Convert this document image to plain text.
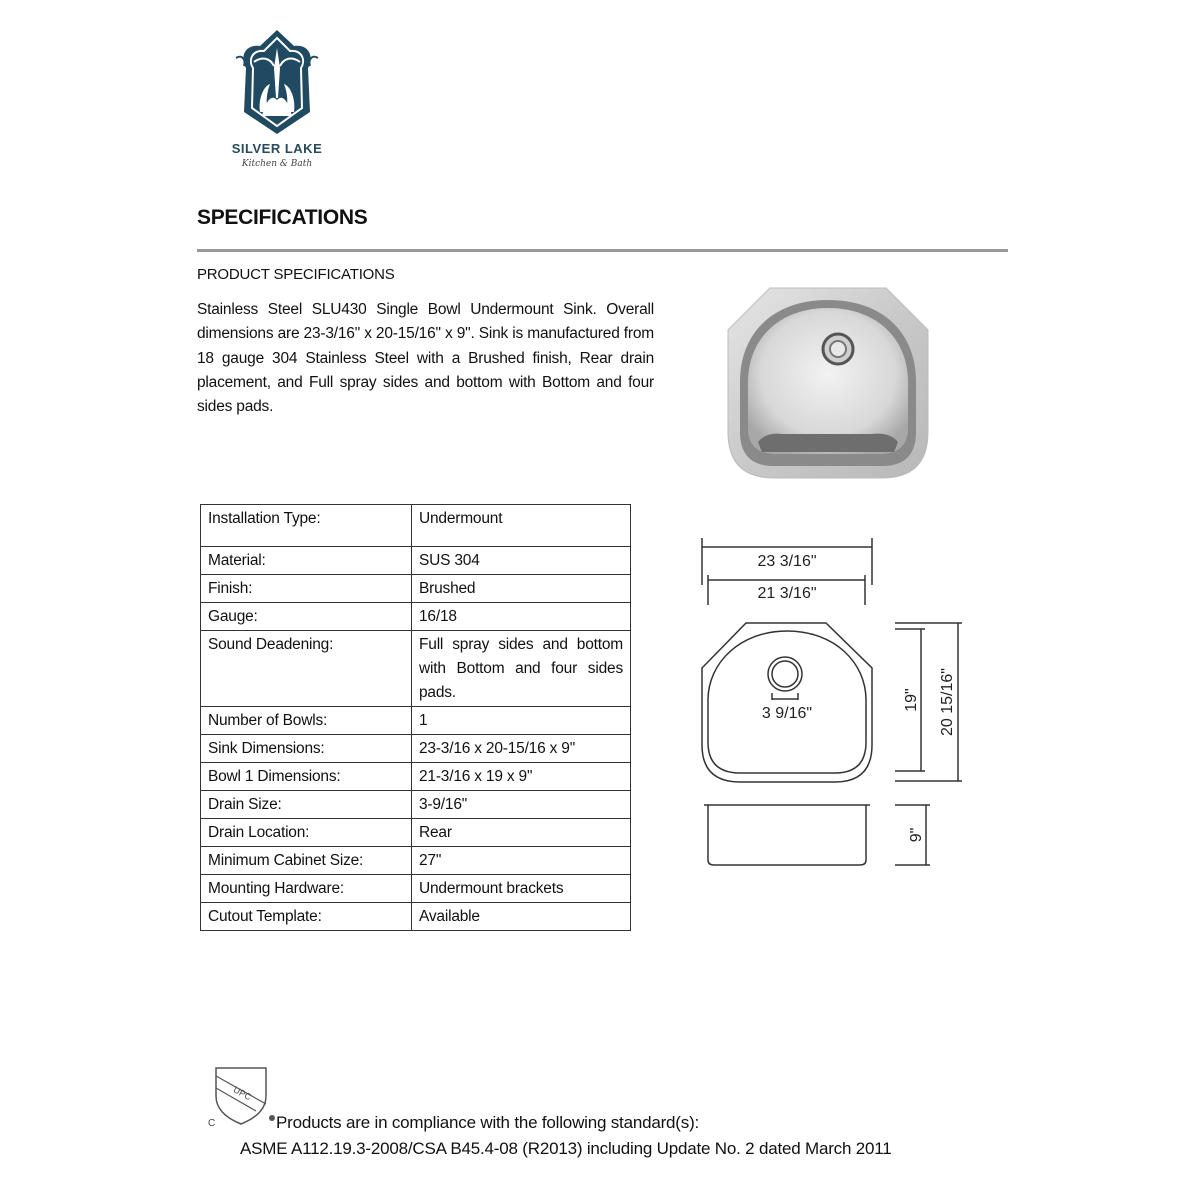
SILVER LAKE
Kitchen & Bath
SPECIFICATIONS
PRODUCT SPECIFICATIONS
Stainless Steel SLU430 Single Bowl Undermount Sink. Overall dimensions are 23-3/16" x 20-15/16" x 9". Sink is manufactured from 18 gauge 304 Stainless Steel with a Brushed finish, Rear drain placement, and Full spray sides and bottom with Bottom and four sides pads.
Installation Type:	Undermount
Material:	SUS 304
Finish:	Brushed
Gauge:	16/18
Sound Deadening:	Full spray sides and bottom with Bottom and four sides pads.
Number of Bowls:	1
Sink Dimensions:	23-3/16 x 20-15/16 x 9"
Bowl 1 Dimensions:	21-3/16 x 19 x 9"
Drain Size:	3-9/16"
Drain Location:	Rear
Minimum Cabinet Size:	27"
Mounting Hardware:	Undermount brackets
Cutout Template:	Available
23 3/16"
21 3/16"
3 9/16"
19" 20 15/16"
9"
UPC
C	Products are in compliance with the following standard(s):
ASME A112.19.3-2008/CSA B45.4-08 (R2013) including Update No. 2 dated March 2011
